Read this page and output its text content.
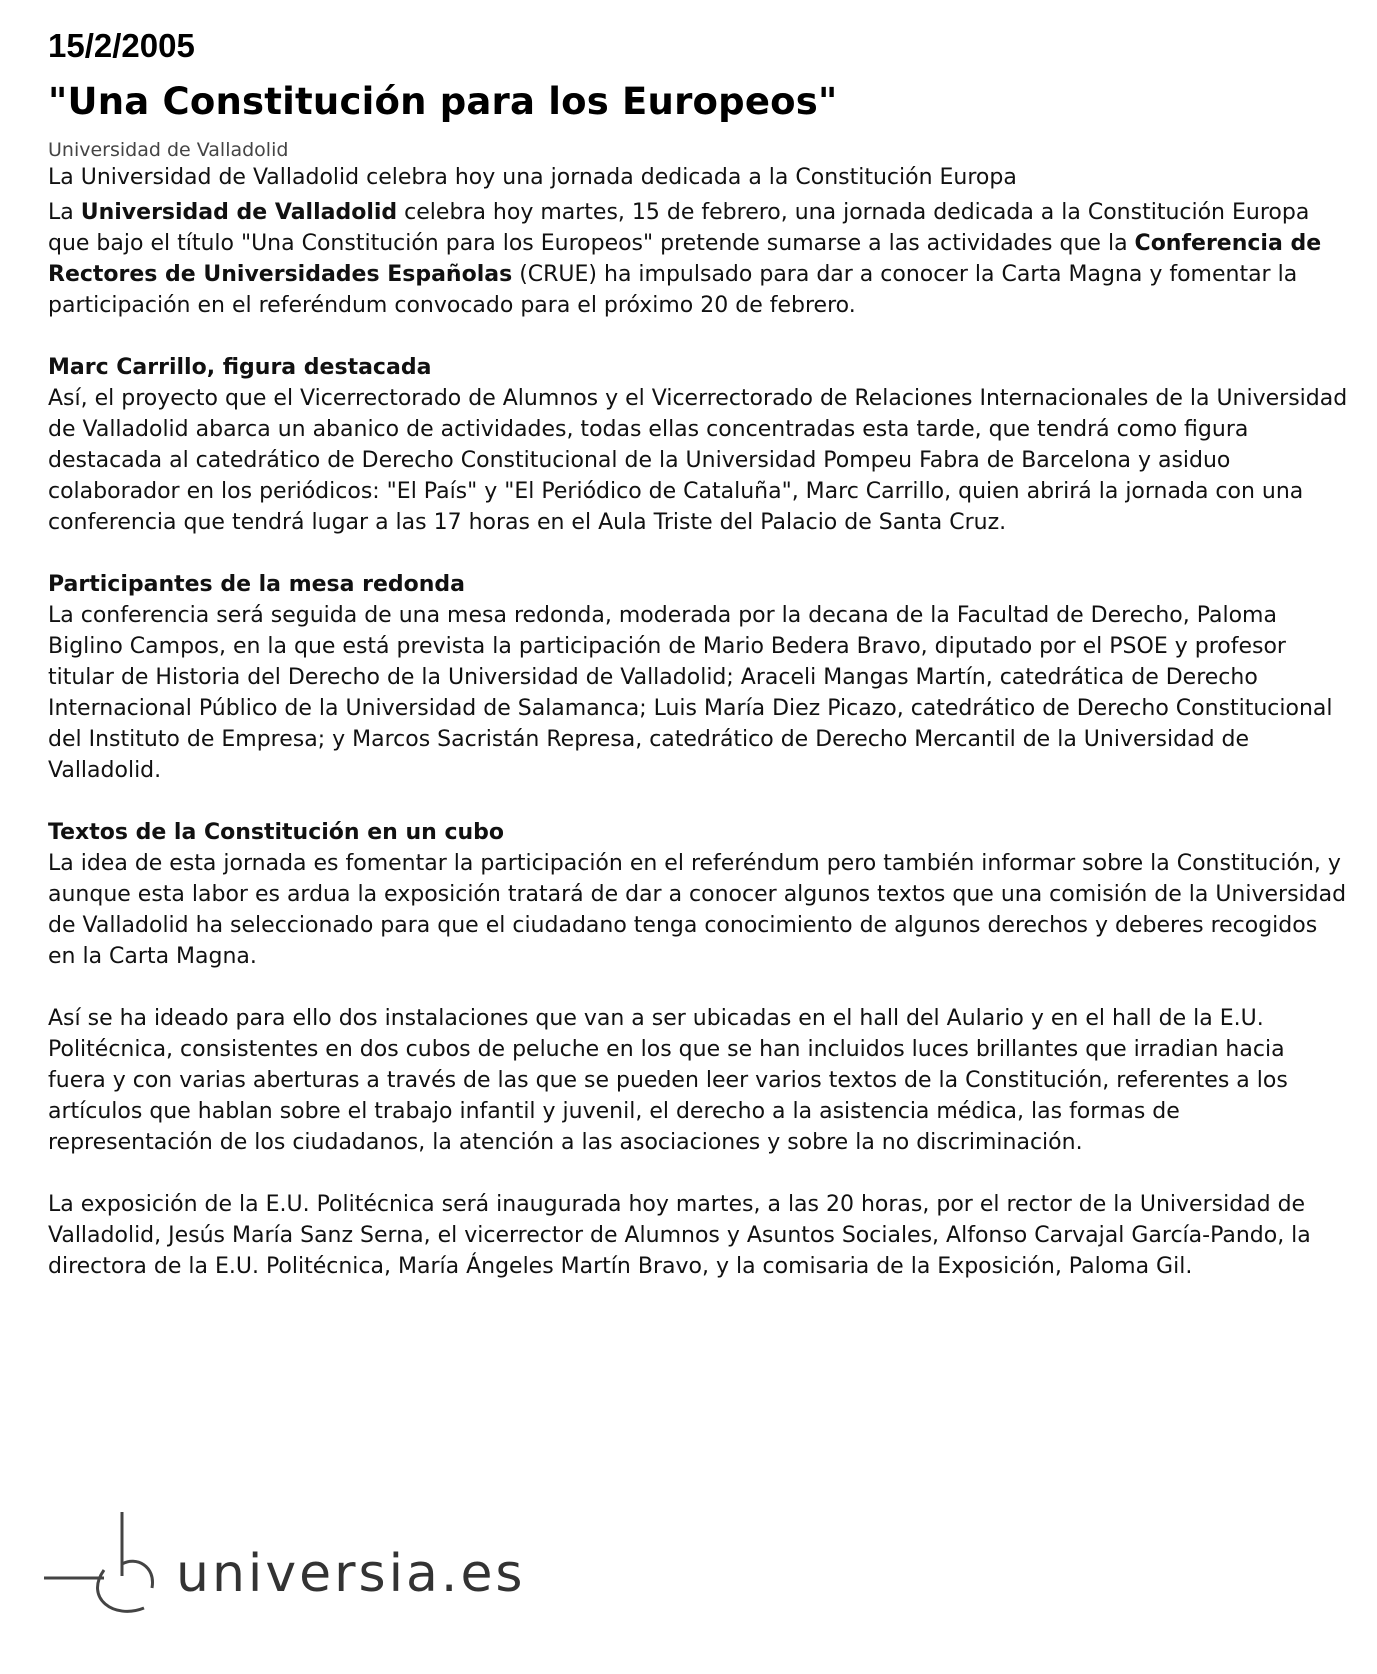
15/2/2005
"Una Constitución para los Europeos"
Universidad de Valladolid
La Universidad de Valladolid celebra hoy una jornada dedicada a la Constitución Europa
La Universidad de Valladolid celebra hoy martes, 15 de febrero, una jornada dedicada a la Constitución Europa que bajo el título "Una Constitución para los Europeos" pretende sumarse a las actividades que la Conferencia de Rectores de Universidades Españolas (CRUE) ha impulsado para dar a conocer la Carta Magna y fomentar la participación en el referéndum convocado para el próximo 20 de febrero.
Marc Carrillo, figura destacada
Así, el proyecto que el Vicerrectorado de Alumnos y el Vicerrectorado de Relaciones Internacionales de la Universidad de Valladolid abarca un abanico de actividades, todas ellas concentradas esta tarde, que tendrá como figura destacada al catedrático de Derecho Constitucional de la Universidad Pompeu Fabra de Barcelona y asiduo colaborador en los periódicos: "El País" y "El Periódico de Cataluña", Marc Carrillo, quien abrirá la jornada con una conferencia que tendrá lugar a las 17 horas en el Aula Triste del Palacio de Santa Cruz.
Participantes de la mesa redonda
La conferencia será seguida de una mesa redonda, moderada por la decana de la Facultad de Derecho, Paloma Biglino Campos, en la que está prevista la participación de Mario Bedera Bravo, diputado por el PSOE y profesor titular de Historia del Derecho de la Universidad de Valladolid; Araceli Mangas Martín, catedrática de Derecho Internacional Público de la Universidad de Salamanca; Luis María Diez Picazo, catedrático de Derecho Constitucional del Instituto de Empresa; y Marcos Sacristán Represa, catedrático de Derecho Mercantil de la Universidad de Valladolid.
Textos de la Constitución en un cubo
La idea de esta jornada es fomentar la participación en el referéndum pero también informar sobre la Constitución, y aunque esta labor es ardua la exposición tratará de dar a conocer algunos textos que una comisión de la Universidad de Valladolid ha seleccionado para que el ciudadano tenga conocimiento de algunos derechos y deberes recogidos en la Carta Magna.
Así se ha ideado para ello dos instalaciones que van a ser ubicadas en el hall del Aulario y en el hall de la E.U. Politécnica, consistentes en dos cubos de peluche en los que se han incluidos luces brillantes que irradian hacia fuera y con varias aberturas a través de las que se pueden leer varios textos de la Constitución, referentes a los artículos que hablan sobre el trabajo infantil y juvenil, el derecho a la asistencia médica, las formas de representación de los ciudadanos, la atención a las asociaciones y sobre la no discriminación.
La exposición de la E.U. Politécnica será inaugurada hoy martes, a las 20 horas, por el rector de la Universidad de Valladolid, Jesús María Sanz Serna, el vicerrector de Alumnos y Asuntos Sociales, Alfonso Carvajal García-Pando, la directora de la E.U. Politécnica, María Ángeles Martín Bravo, y la comisaria de la Exposición, Paloma Gil.
universia.es
